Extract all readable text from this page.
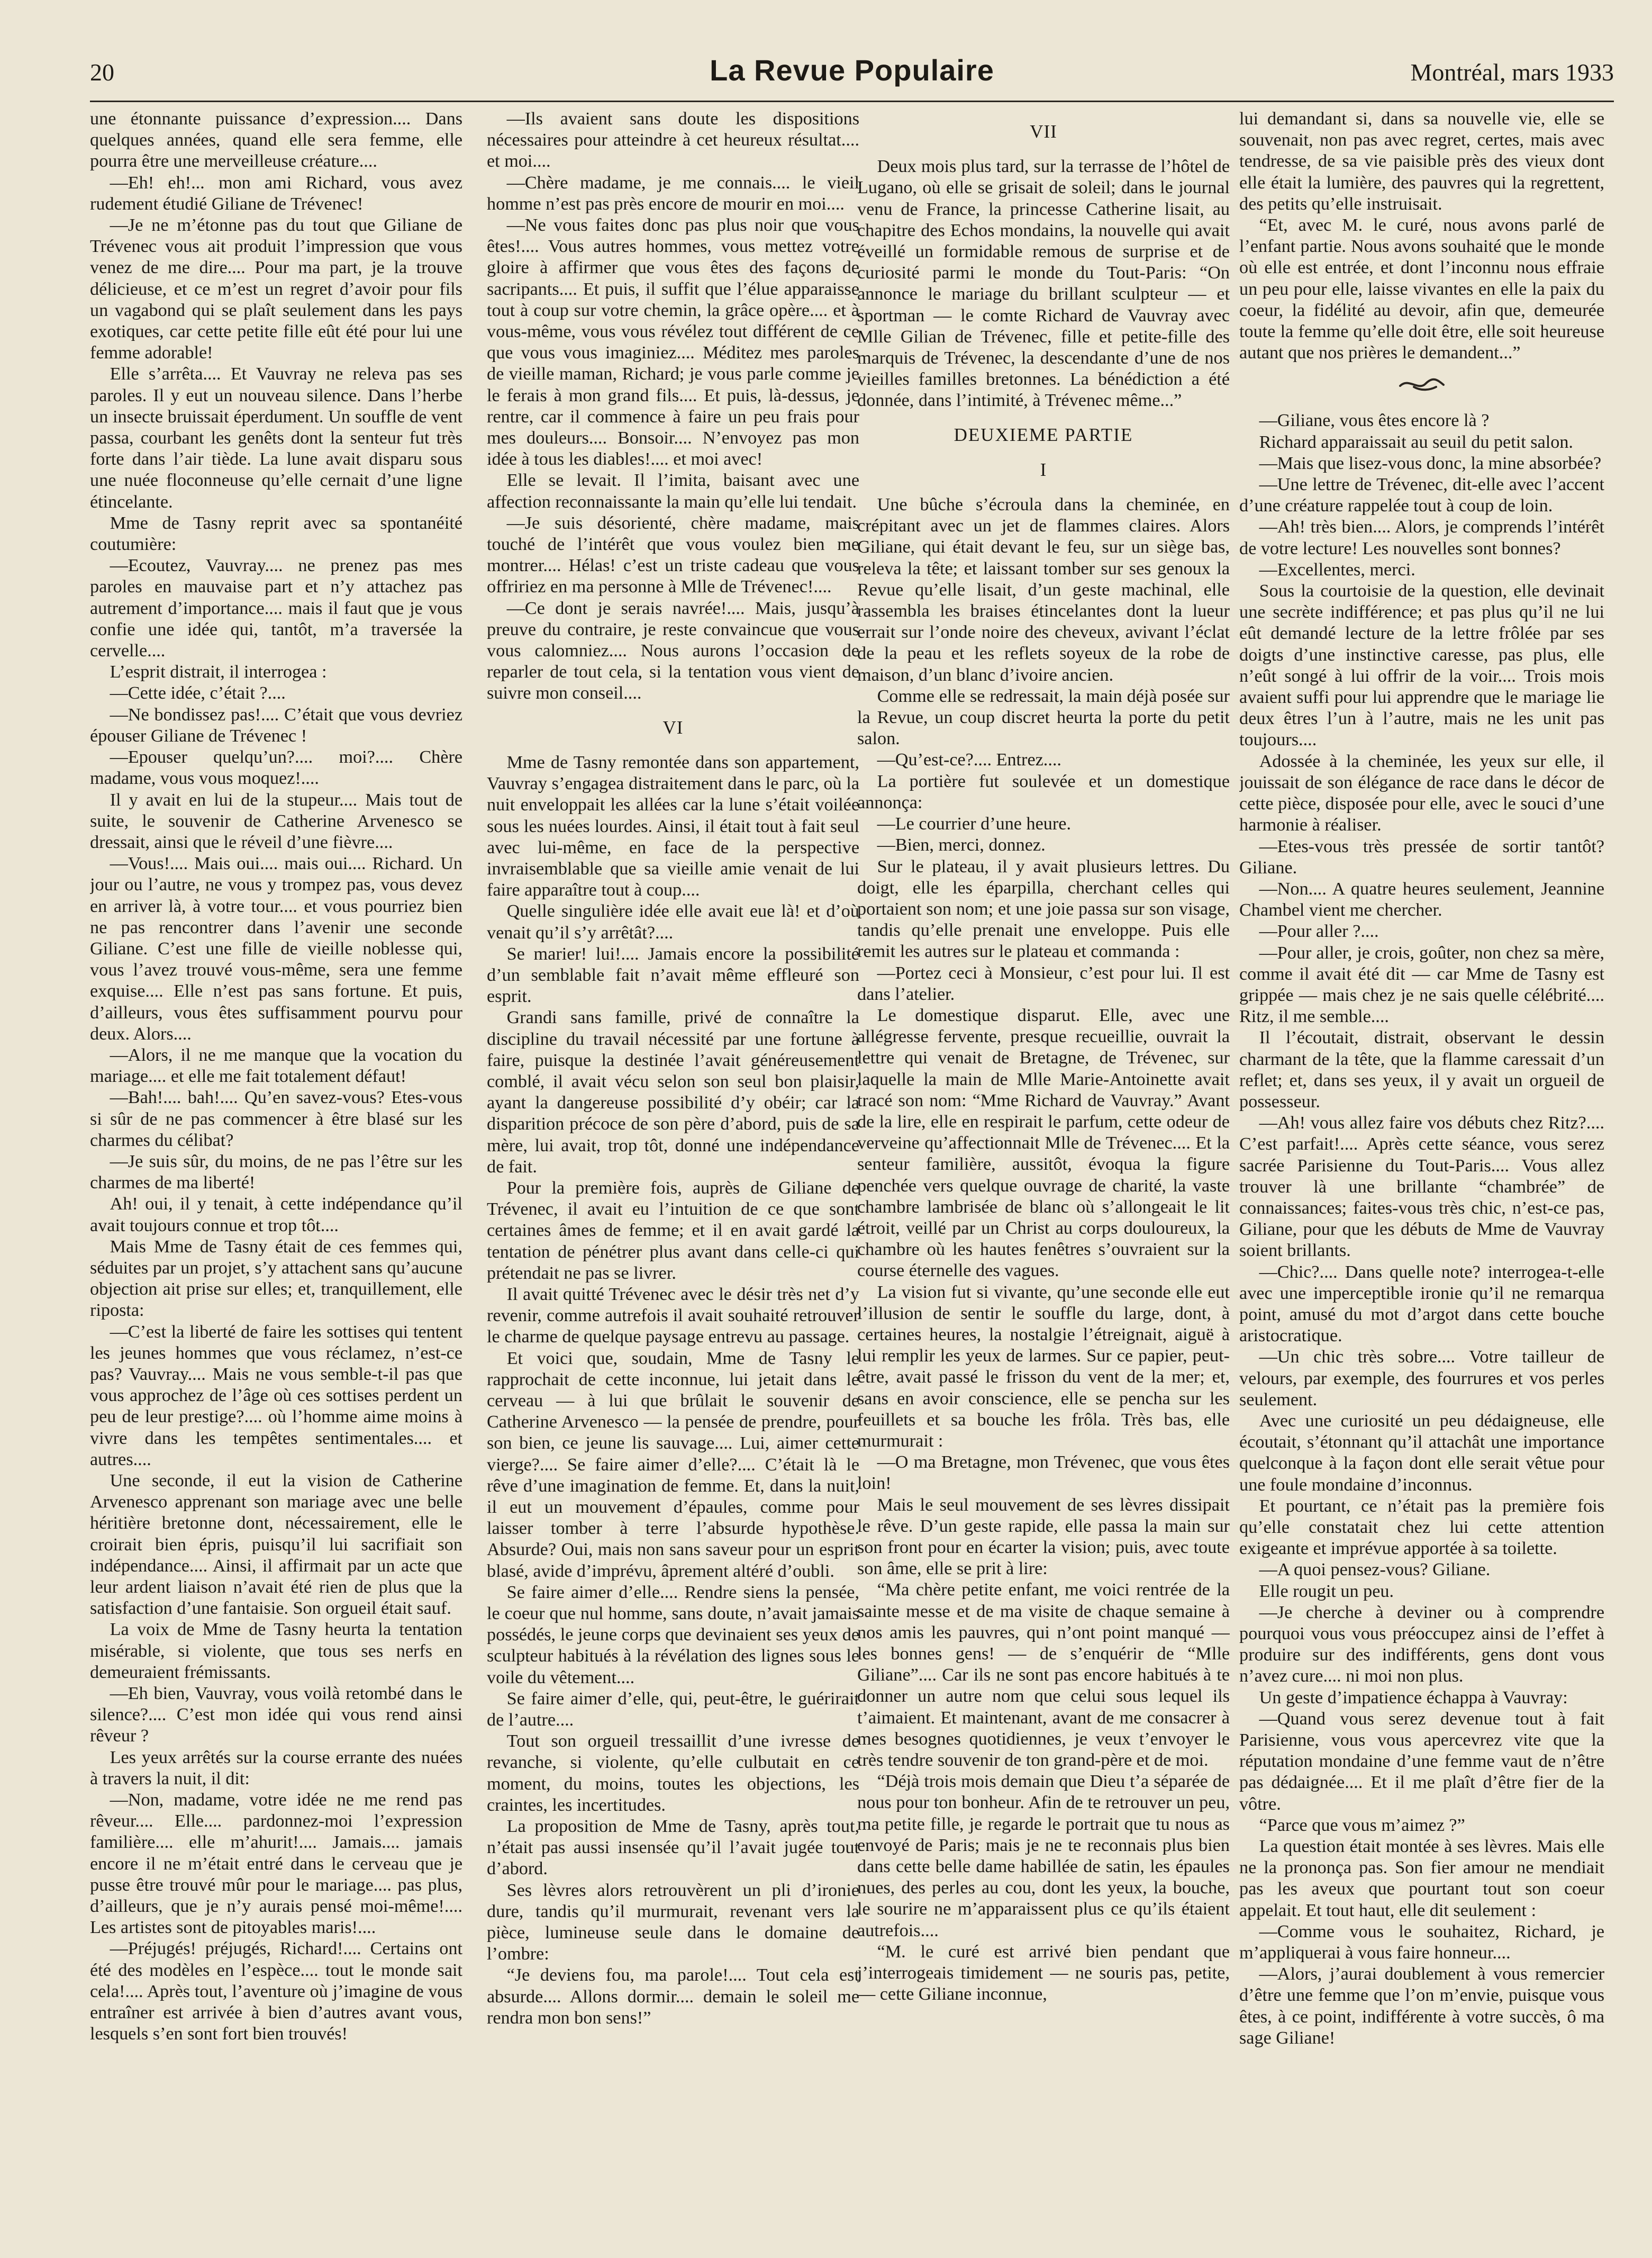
20	La Revue Populaire	Montréal, mars 1933

une étonnante puissance d’expression.... Dans quelques années, quand elle sera femme, elle pourra être une merveilleuse créature....

—Eh! eh!... mon ami Richard, vous avez rudement étudié Giliane de Trévenec!

—Je ne m’étonne pas du tout que Giliane de Trévenec vous ait produit l’impression que vous venez de me dire.... Pour ma part, je la trouve délicieuse, et ce m’est un regret d’avoir pour fils un vagabond qui se plaît seulement dans les pays exotiques, car cette petite fille eût été pour lui une femme adorable!

Elle s’arrêta.... Et Vauvray ne releva pas ses paroles. Il y eut un nouveau silence. Dans l’herbe un insecte bruissait éperdument. Un souffle de vent passa, courbant les genêts dont la senteur fut très forte dans l’air tiède. La lune avait disparu sous une nuée floconneuse qu’elle cernait d’une ligne étincelante.

Mme de Tasny reprit avec sa spontanéité coutumière:

—Ecoutez, Vauvray.... ne prenez pas mes paroles en mauvaise part et n’y attachez pas autrement d’importance.... mais il faut que je vous confie une idée qui, tantôt, m’a traversée la cervelle....

L’esprit distrait, il interrogea :

—Cette idée, c’était ?....

—Ne bondissez pas!.... C’était que vous devriez épouser Giliane de Trévenec !

—Epouser quelqu’un?.... moi?.... Chère madame, vous vous moquez!....

Il y avait en lui de la stupeur.... Mais tout de suite, le souvenir de Catherine Arvenesco se dressait, ainsi que le réveil d’une fièvre....

—Vous!.... Mais oui.... mais oui.... Richard. Un jour ou l’autre, ne vous y trompez pas, vous devez en arriver là, à votre tour.... et vous pourriez bien ne pas rencontrer dans l’avenir une seconde Giliane. C’est une fille de vieille noblesse qui, vous l’avez trouvé vous-même, sera une femme exquise.... Elle n’est pas sans fortune. Et puis, d’ailleurs, vous êtes suffisamment pourvu pour deux. Alors....

—Alors, il ne me manque que la vocation du mariage.... et elle me fait totalement défaut!

—Bah!.... bah!.... Qu’en savez-vous? Etes-vous si sûr de ne pas commencer à être blasé sur les charmes du célibat?

—Je suis sûr, du moins, de ne pas l’être sur les charmes de ma liberté!

Ah! oui, il y tenait, à cette indépendance qu’il avait toujours connue et trop tôt....

Mais Mme de Tasny était de ces femmes qui, séduites par un projet, s’y attachent sans qu’aucune objection ait prise sur elles; et, tranquillement, elle riposta:

—C’est la liberté de faire les sottises qui tentent les jeunes hommes que vous réclamez, n’est-ce pas? Vauvray.... Mais ne vous semble-t-il pas que vous approchez de l’âge où ces sottises perdent un peu de leur prestige?.... où l’homme aime moins à vivre dans les tempêtes sentimentales.... et autres....

Une seconde, il eut la vision de Catherine Arvenesco apprenant son mariage avec une belle héritière bretonne dont, nécessairement, elle le croirait bien épris, puisqu’il lui sacrifiait son indépendance.... Ainsi, il affirmait par un acte que leur ardent liaison n’avait été rien de plus que la satisfaction d’une fantaisie. Son orgueil était sauf.

La voix de Mme de Tasny heurta la tentation misérable, si violente, que tous ses nerfs en demeuraient frémissants.

—Eh bien, Vauvray, vous voilà retombé dans le silence?.... C’est mon idée qui vous rend ainsi rêveur ?

Les yeux arrêtés sur la course errante des nuées à travers la nuit, il dit:

—Non, madame, votre idée ne me rend pas rêveur.... Elle.... pardonnez-moi l’expression familière.... elle m’ahurit!.... Jamais.... jamais encore il ne m’était entré dans le cerveau que je pusse être trouvé mûr pour le mariage.... pas plus, d’ailleurs, que je n’y aurais pensé moi-même!.... Les artistes sont de pitoyables maris!....

—Préjugés! préjugés, Richard!.... Certains ont été des modèles en l’espèce.... tout le monde sait cela!.... Après tout, l’aventure où j’imagine de vous entraîner est arrivée à bien d’autres avant vous, lesquels s’en sont fort bien trouvés!

—Ils avaient sans doute les dispositions nécessaires pour atteindre à cet heureux résultat.... et moi....

—Chère madame, je me connais.... le vieil homme n’est pas près encore de mourir en moi....

—Ne vous faites donc pas plus noir que vous êtes!.... Vous autres hommes, vous mettez votre gloire à affirmer que vous êtes des façons de sacripants.... Et puis, il suffit que l’élue apparaisse tout à coup sur votre chemin, la grâce opère.... et à vous-même, vous vous révélez tout différent de ce que vous vous imaginiez.... Méditez mes paroles de vieille maman, Richard; je vous parle comme je le ferais à mon grand fils.... Et puis, là-dessus, je rentre, car il commence à faire un peu frais pour mes douleurs.... Bonsoir.... N’envoyez pas mon idée à tous les diables!.... et moi avec!

Elle se levait. Il l’imita, baisant avec une affection reconnaissante la main qu’elle lui tendait.

—Je suis désorienté, chère madame, mais touché de l’intérêt que vous voulez bien me montrer.... Hélas! c’est un triste cadeau que vous offririez en ma personne à Mlle de Trévenec!....

—Ce dont je serais navrée!.... Mais, jusqu’à preuve du contraire, je reste convaincue que vous vous calomniez.... Nous aurons l’occasion de reparler de tout cela, si la tentation vous vient de suivre mon conseil....

VI

Mme de Tasny remontée dans son appartement, Vauvray s’engagea distraitement dans le parc, où la nuit enveloppait les allées car la lune s’était voilée sous les nuées lourdes. Ainsi, il était tout à fait seul avec lui-même, en face de la perspective invraisemblable que sa vieille amie venait de lui faire apparaître tout à coup....

Quelle singulière idée elle avait eue là! et d’où venait qu’il s’y arrêtât?....

Se marier! lui!.... Jamais encore la possibilité d’un semblable fait n’avait même effleuré son esprit.

Grandi sans famille, privé de connaître la discipline du travail nécessité par une fortune à faire, puisque la destinée l’avait généreusement comblé, il avait vécu selon son seul bon plaisir, ayant la dangereuse possibilité d’y obéir; car la disparition précoce de son père d’abord, puis de sa mère, lui avait, trop tôt, donné une indépendance de fait.

Pour la première fois, auprès de Giliane de Trévenec, il avait eu l’intuition de ce que sont certaines âmes de femme; et il en avait gardé la tentation de pénétrer plus avant dans celle-ci qui prétendait ne pas se livrer.

Il avait quitté Trévenec avec le désir très net d’y revenir, comme autrefois il avait souhaité retrouver le charme de quelque paysage entrevu au passage.

Et voici que, soudain, Mme de Tasny le rapprochait de cette inconnue, lui jetait dans le cerveau — à lui que brûlait le souvenir de Catherine Arvenesco — la pensée de prendre, pour son bien, ce jeune lis sauvage.... Lui, aimer cette vierge?.... Se faire aimer d’elle?.... C’était là le rêve d’une imagination de femme. Et, dans la nuit, il eut un mouvement d’épaules, comme pour laisser tomber à terre l’absurde hypothèse. Absurde? Oui, mais non sans saveur pour un esprit blasé, avide d’imprévu, âprement altéré d’oubli.

Se faire aimer d’elle.... Rendre siens la pensée, le coeur que nul homme, sans doute, n’avait jamais possédés, le jeune corps que devinaient ses yeux de sculpteur habitués à la révélation des lignes sous le voile du vêtement....

Se faire aimer d’elle, qui, peut-être, le guérirait de l’autre....

Tout son orgueil tressaillit d’une ivresse de revanche, si violente, qu’elle culbutait en ce moment, du moins, toutes les objections, les craintes, les incertitudes.

La proposition de Mme de Tasny, après tout, n’était pas aussi insensée qu’il l’avait jugée tout d’abord.

Ses lèvres alors retrouvèrent un pli d’ironie dure, tandis qu’il murmurait, revenant vers la pièce, lumineuse seule dans le domaine de l’ombre:

“Je deviens fou, ma parole!.... Tout cela est absurde.... Allons dormir.... demain le soleil me rendra mon bon sens!”

VII

Deux mois plus tard, sur la terrasse de l’hôtel de Lugano, où elle se grisait de soleil; dans le journal venu de France, la princesse Catherine lisait, au chapitre des Echos mondains, la nouvelle qui avait éveillé un formidable remous de surprise et de curiosité parmi le monde du Tout-Paris: “On annonce le mariage du brillant sculpteur — et sportman — le comte Richard de Vauvray avec Mlle Gilian de Trévenec, fille et petite-fille des marquis de Trévenec, la descendante d’une de nos vieilles familles bretonnes. La bénédiction a été donnée, dans l’intimité, à Trévenec même...”

DEUXIEME PARTIE
I

Une bûche s’écroula dans la cheminée, en crépitant avec un jet de flammes claires. Alors Giliane, qui était devant le feu, sur un siège bas, releva la tête; et laissant tomber sur ses genoux la Revue qu’elle lisait, d’un geste machinal, elle rassembla les braises étincelantes dont la lueur errait sur l’onde noire des cheveux, avivant l’éclat de la peau et les reflets soyeux de la robe de maison, d’un blanc d’ivoire ancien.

Comme elle se redressait, la main déjà posée sur la Revue, un coup discret heurta la porte du petit salon.

—Qu’est-ce?.... Entrez....

La portière fut soulevée et un domestique annonça:

—Le courrier d’une heure.

—Bien, merci, donnez.

Sur le plateau, il y avait plusieurs lettres. Du doigt, elle les éparpilla, cherchant celles qui portaient son nom; et une joie passa sur son visage, tandis qu’elle prenait une enveloppe. Puis elle remit les autres sur le plateau et commanda :

—Portez ceci à Monsieur, c’est pour lui. Il est dans l’atelier.

Le domestique disparut. Elle, avec une allégresse fervente, presque recueillie, ouvrait la lettre qui venait de Bretagne, de Trévenec, sur laquelle la main de Mlle Marie-Antoinette avait tracé son nom: “Mme Richard de Vauvray.” Avant de la lire, elle en respirait le parfum, cette odeur de verveine qu’affectionnait Mlle de Trévenec.... Et la senteur familière, aussitôt, évoqua la figure penchée vers quelque ouvrage de charité, la vaste chambre lambrisée de blanc où s’allongeait le lit étroit, veillé par un Christ au corps douloureux, la chambre où les hautes fenêtres s’ouvraient sur la course éternelle des vagues.

La vision fut si vivante, qu’une seconde elle eut l’illusion de sentir le souffle du large, dont, à certaines heures, la nostalgie l’étreignait, aiguë à lui remplir les yeux de larmes. Sur ce papier, peut-être, avait passé le frisson du vent de la mer; et, sans en avoir conscience, elle se pencha sur les feuillets et sa bouche les frôla. Très bas, elle murmurait :

—O ma Bretagne, mon Trévenec, que vous êtes loin!

Mais le seul mouvement de ses lèvres dissipait le rêve. D’un geste rapide, elle passa la main sur son front pour en écarter la vision; puis, avec toute son âme, elle se prit à lire:

“Ma chère petite enfant, me voici rentrée de la sainte messe et de ma visite de chaque semaine à nos amis les pauvres, qui n’ont point manqué — les bonnes gens! — de s’enquérir de “Mlle Giliane”.... Car ils ne sont pas encore habitués à te donner un autre nom que celui sous lequel ils t’aimaient. Et maintenant, avant de me consacrer à mes besognes quotidiennes, je veux t’envoyer le très tendre souvenir de ton grand-père et de moi.

“Déjà trois mois demain que Dieu t’a séparée de nous pour ton bonheur. Afin de te retrouver un peu, ma petite fille, je regarde le portrait que tu nous as envoyé de Paris; mais je ne te reconnais plus bien dans cette belle dame habillée de satin, les épaules nues, des perles au cou, dont les yeux, la bouche, le sourire ne m’apparaissent plus ce qu’ils étaient autrefois....

“M. le curé est arrivé bien pendant que j’interrogeais timidement — ne souris pas, petite, — cette Giliane inconnue,

lui demandant si, dans sa nouvelle vie, elle se souvenait, non pas avec regret, certes, mais avec tendresse, de sa vie paisible près des vieux dont elle était la lumière, des pauvres qui la regrettent, des petits qu’elle instruisait.

“Et, avec M. le curé, nous avons parlé de l’enfant partie. Nous avons souhaité que le monde où elle est entrée, et dont l’inconnu nous effraie un peu pour elle, laisse vivantes en elle la paix du coeur, la fidélité au devoir, afin que, demeurée toute la femme qu’elle doit être, elle soit heureuse autant que nos prières le demandent...”

—Giliane, vous êtes encore là ?

Richard apparaissait au seuil du petit salon.

—Mais que lisez-vous donc, la mine absorbée?

—Une lettre de Trévenec, dit-elle avec l’accent d’une créature rappelée tout à coup de loin.

—Ah! très bien.... Alors, je comprends l’intérêt de votre lecture! Les nouvelles sont bonnes?

—Excellentes, merci.

Sous la courtoisie de la question, elle devinait une secrète indifférence; et pas plus qu’il ne lui eût demandé lecture de la lettre frôlée par ses doigts d’une instinctive caresse, pas plus, elle n’eût songé à lui offrir de la voir.... Trois mois avaient suffi pour lui apprendre que le mariage lie deux êtres l’un à l’autre, mais ne les unit pas toujours....

Adossée à la cheminée, les yeux sur elle, il jouissait de son élégance de race dans le décor de cette pièce, disposée pour elle, avec le souci d’une harmonie à réaliser.

—Etes-vous très pressée de sortir tantôt? Giliane.

—Non.... A quatre heures seulement, Jeannine Chambel vient me chercher.

—Pour aller ?....

—Pour aller, je crois, goûter, non chez sa mère, comme il avait été dit — car Mme de Tasny est grippée — mais chez je ne sais quelle célébrité.... Ritz, il me semble....

Il l’écoutait, distrait, observant le dessin charmant de la tête, que la flamme caressait d’un reflet; et, dans ses yeux, il y avait un orgueil de possesseur.

—Ah! vous allez faire vos débuts chez Ritz?.... C’est parfait!.... Après cette séance, vous serez sacrée Parisienne du Tout-Paris.... Vous allez trouver là une brillante “chambrée” de connaissances; faites-vous très chic, n’est-ce pas, Giliane, pour que les débuts de Mme de Vauvray soient brillants.

—Chic?.... Dans quelle note? interrogea-t-elle avec une imperceptible ironie qu’il ne remarqua point, amusé du mot d’argot dans cette bouche aristocratique.

—Un chic très sobre.... Votre tailleur de velours, par exemple, des fourrures et vos perles seulement.

Avec une curiosité un peu dédaigneuse, elle écoutait, s’étonnant qu’il attachât une importance quelconque à la façon dont elle serait vêtue pour une foule mondaine d’inconnus.

Et pourtant, ce n’était pas la première fois qu’elle constatait chez lui cette attention exigeante et imprévue apportée à sa toilette.

—A quoi pensez-vous? Giliane.

Elle rougit un peu.

—Je cherche à deviner ou à comprendre pourquoi vous vous préoccupez ainsi de l’effet à produire sur des indifférents, gens dont vous n’avez cure.... ni moi non plus.

Un geste d’impatience échappa à Vauvray:

—Quand vous serez devenue tout à fait Parisienne, vous vous apercevrez vite que la réputation mondaine d’une femme vaut de n’être pas dédaignée.... Et il me plaît d’être fier de la vôtre.

“Parce que vous m’aimez ?”

La question était montée à ses lèvres. Mais elle ne la prononça pas. Son fier amour ne mendiait pas les aveux que pourtant tout son coeur appelait. Et tout haut, elle dit seulement :

—Comme vous le souhaitez, Richard, je m’appliquerai à vous faire honneur....

—Alors, j’aurai doublement à vous remercier d’être une femme que l’on m’envie, puisque vous êtes, à ce point, indifférente à votre succès, ô ma sage Giliane!
